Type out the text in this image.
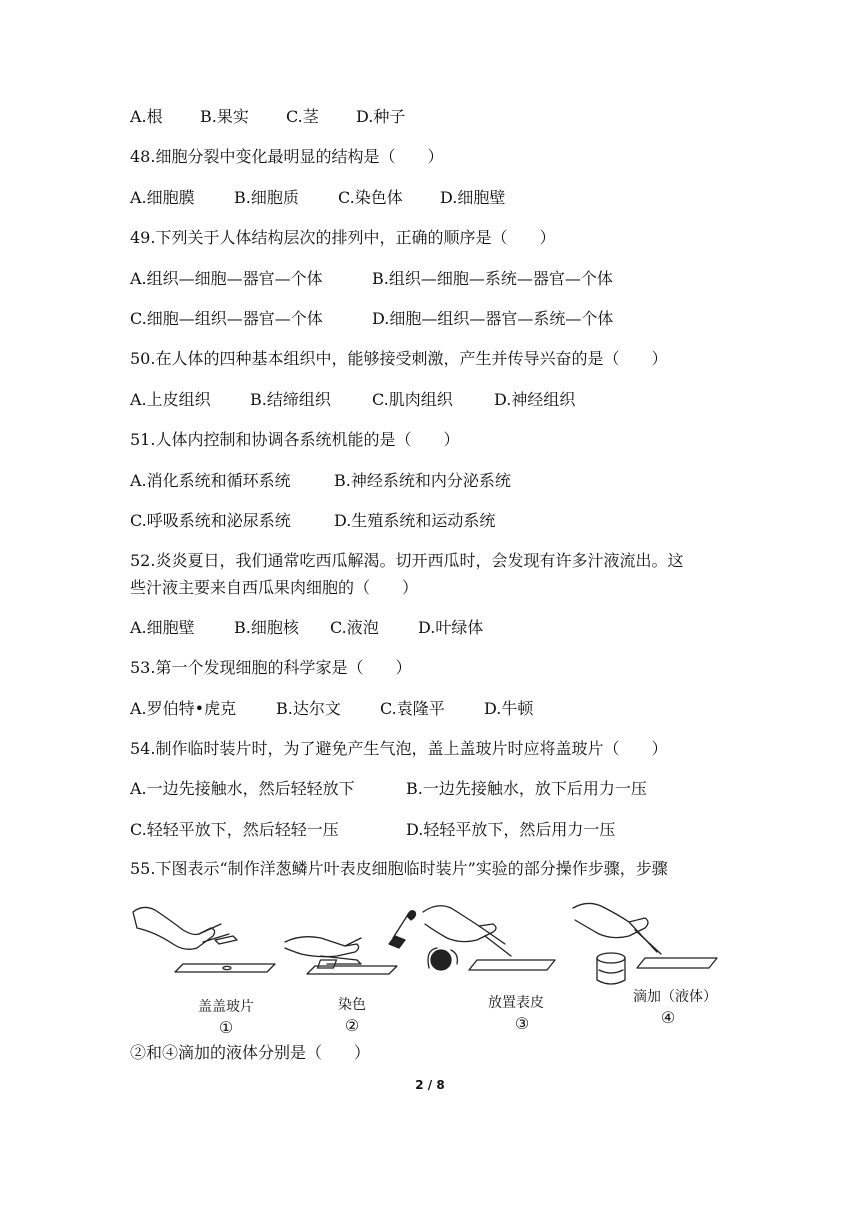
A.根 B.果实 C.茎 D.种子
48.细胞分裂中变化最明显的结构是（　　）
A.细胞膜 B.细胞质 C.染色体 D.细胞壁
49.下列关于人体结构层次的排列中，正确的顺序是（　　）
A.组织—细胞—器官—个体	B.组织—细胞—系统—器官—个体
C.细胞—组织—器官—个体	D.细胞—组织—器官—系统—个体
50.在人体的四种基本组织中，能够接受刺激，产生并传导兴奋的是（　　）
A.上皮组织 B.结缔组织	C.肌肉组织	D.神经组织
51.人体内控制和协调各系统机能的是（　　）
A.消化系统和循环系统	B.神经系统和内分泌系统
C.呼吸系统和泌尿系统	D.生殖系统和运动系统
52.炎炎夏日，我们通常吃西瓜解渴。切开西瓜时，会发现有许多汁液流出。这
些汁液主要来自西瓜果肉细胞的（　　）
A.细胞壁 B.细胞核 C.液泡 D.叶绿体
53.第一个发现细胞的科学家是（　　）
A.罗伯特•虎克 B.达尔文 C.袁隆平 D.牛顿
54.制作临时装片时，为了避免产生气泡，盖上盖玻片时应将盖玻片（　　）
A.一边先接触水，然后轻轻放下	B.一边先接触水，放下后用力一压
C.轻轻平放下，然后轻轻一压	D.轻轻平放下，然后用力一压
55.下图表示“制作洋葱鳞片叶表皮细胞临时装片”实验的部分操作步骤，步骤
盖盖玻片
①
染色
②
放置表皮
③
滴加（液体）
④
②和④滴加的液体分别是（　　）
2 / 8
